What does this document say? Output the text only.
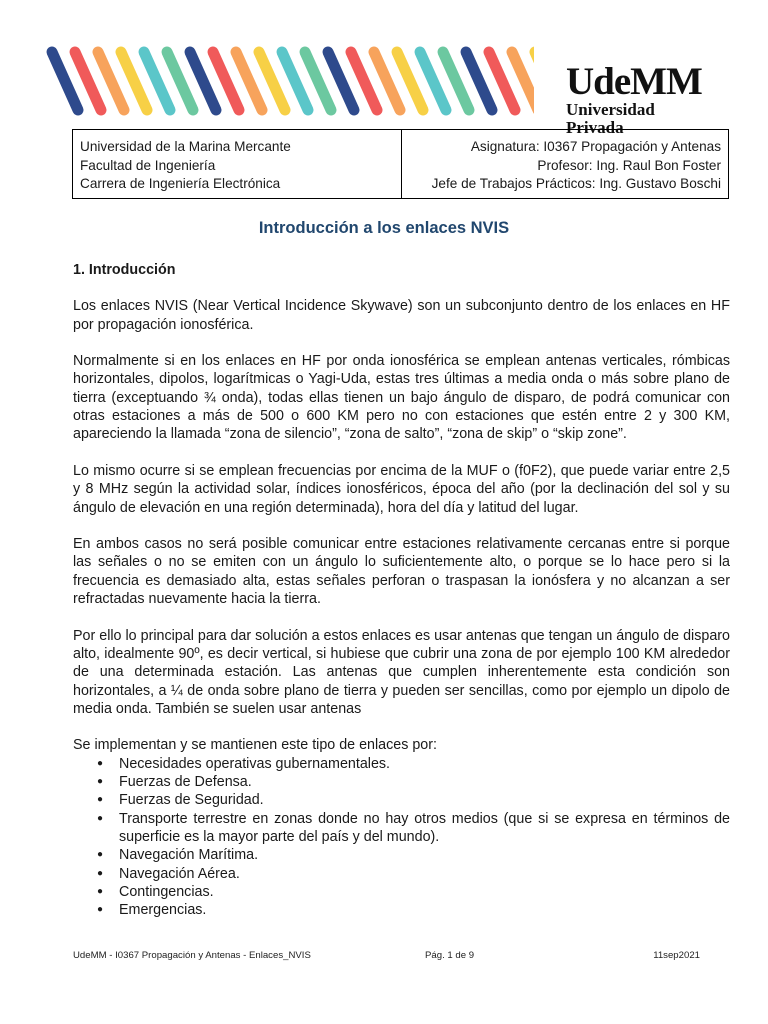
UdeMM
Universidad Privada
Universidad de la Marina Mercante
Facultad de Ingeniería
Carrera de Ingeniería Electrónica
Asignatura: I0367 Propagación y Antenas
Profesor: Ing. Raul Bon Foster
Jefe de Trabajos Prácticos: Ing. Gustavo Boschi
Introducción a los enlaces NVIS
1. Introducción

Los enlaces NVIS (Near Vertical Incidence Skywave) son un subconjunto dentro de los enlaces en HF por propagación ionosférica.

Normalmente si en los enlaces en HF por onda ionosférica se emplean antenas verticales, rómbicas horizontales, dipolos, logarítmicas o Yagi-Uda, estas tres últimas a media onda o más sobre plano de tierra (exceptuando ¾ onda), todas ellas tienen un bajo ángulo de disparo, de podrá comunicar con otras estaciones a más de 500 o 600 KM pero no con estaciones que estén entre 2 y 300 KM, apareciendo la llamada “zona de silencio”, “zona de salto”, “zona de skip” o “skip zone”.

Lo mismo ocurre si se emplean frecuencias por encima de la MUF o (f0F2), que puede variar entre 2,5 y 8 MHz según la actividad solar, índices ionosféricos, época del año (por la declinación del sol y su ángulo de elevación en una región determinada), hora del día y latitud del lugar.

En ambos casos no será posible comunicar entre estaciones relativamente cercanas entre si porque las señales o no se emiten con un ángulo lo suficientemente alto, o porque se lo hace pero si la frecuencia es demasiado alta, estas señales perforan o traspasan la ionósfera y no alcanzan a ser refractadas nuevamente hacia la tierra.

Por ello lo principal para dar solución a estos enlaces es usar antenas que tengan un ángulo de disparo alto, idealmente 90º, es decir vertical, si hubiese que cubrir una zona de por ejemplo 100 KM alrededor de una determinada estación. Las antenas que cumplen inherentemente esta condición son horizontales, a ¼ de onda sobre plano de tierra y pueden ser sencillas, como por ejemplo un dipolo de media onda. También se suelen usar antenas

Se implementan y se mantienen este tipo de enlaces por:
● Necesidades operativas gubernamentales.
● Fuerzas de Defensa.
● Fuerzas de Seguridad.
● Transporte terrestre en zonas donde no hay otros medios (que si se expresa en términos de superficie es la mayor parte del país y del mundo).
● Navegación Marítima.
● Navegación Aérea.
● Contingencias.
● Emergencias.
UdeMM - I0367 Propagación y Antenas - Enlaces_NVIS	Pág. 1 de 9	11sep2021
